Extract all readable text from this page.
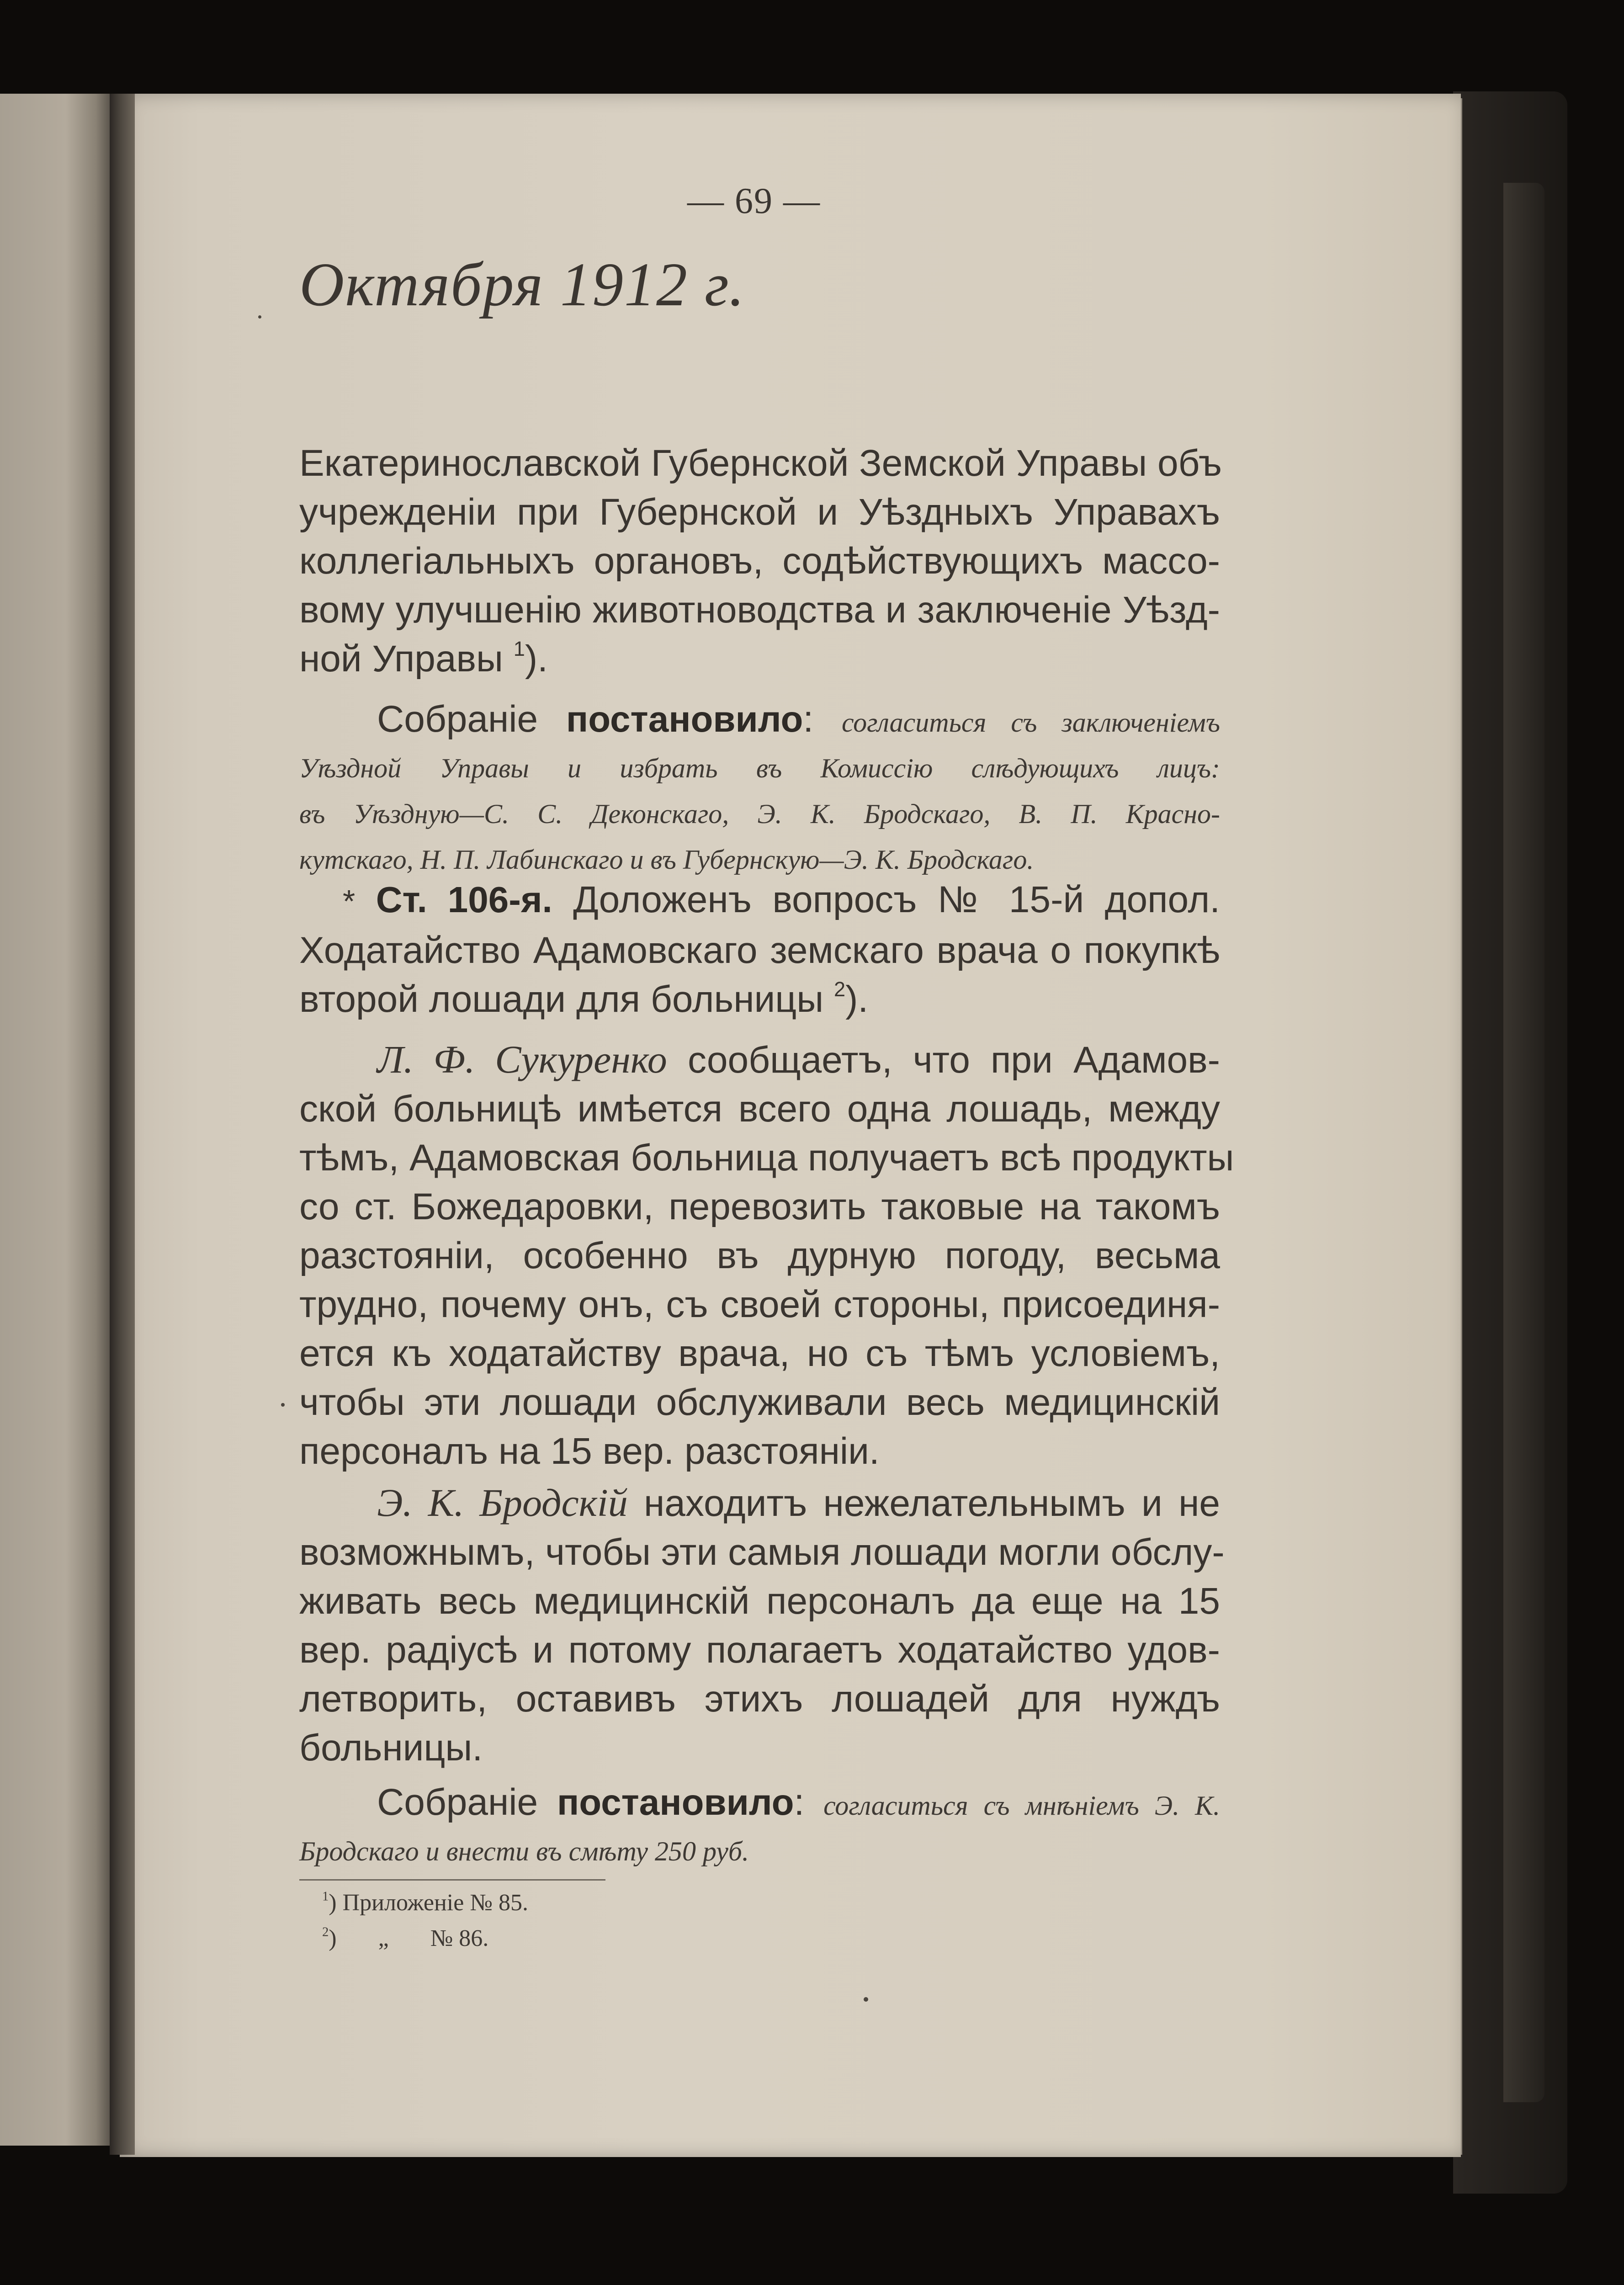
— 69 —
Октября 1912 г.
Екатеринославской Губернской Земской Управы объ
учрежденіи при Губернской и Уѣздныхъ Управахъ
коллегіальныхъ органовъ, содѣйствующихъ массо-
вому улучшенію животноводства и заключеніе Уѣзд-
ной Управы $^1$).
Собраніе постановило: согласиться съ заключеніемъ
Уѣздной Управы и избрать въ Комиссію слѣдующихъ лицъ:
въ Уѣздную—С. С. Деконскаго, Э. К. Бродскаго, В. П. Красно-
кутскаго, Н. П. Лабинскаго и въ Губернскую—Э. К. Бродскаго.
* Ст. 106-я. Доложенъ вопросъ № 15-й допол.
Ходатайство Адамовскаго земскаго врача о покупкѣ
второй лошади для больницы $^2$).
Л. Ф. Сукуренко сообщаетъ, что при Адамов-
ской больницѣ имѣется всего одна лошадь, между
тѣмъ, Адамовская больница получаетъ всѣ продукты
со ст. Божедаровки, перевозить таковые на такомъ
разстояніи, особенно въ дурную погоду, весьма
трудно, почему онъ, съ своей стороны, присоединя-
ется къ ходатайству врача, но съ тѣмъ условіемъ,
чтобы эти лошади обслуживали весь медицинскій
персоналъ на 15 вер. разстояніи.
Э. К. Бродскій находитъ нежелательнымъ и не
возможнымъ, чтобы эти самыя лошади могли обслу-
живать весь медицинскій персоналъ да еще на 15
вер. радіусѣ и потому полагаетъ ходатайство удов-
летворить, оставивъ этихъ лошадей для нуждъ
больницы.
Собраніе постановило: согласиться съ мнѣніемъ Э. К.
Бродскаго и внести въ смѣту 250 руб.
$^1$) Приложеніе № 85.
$^2$)       „       № 86.
